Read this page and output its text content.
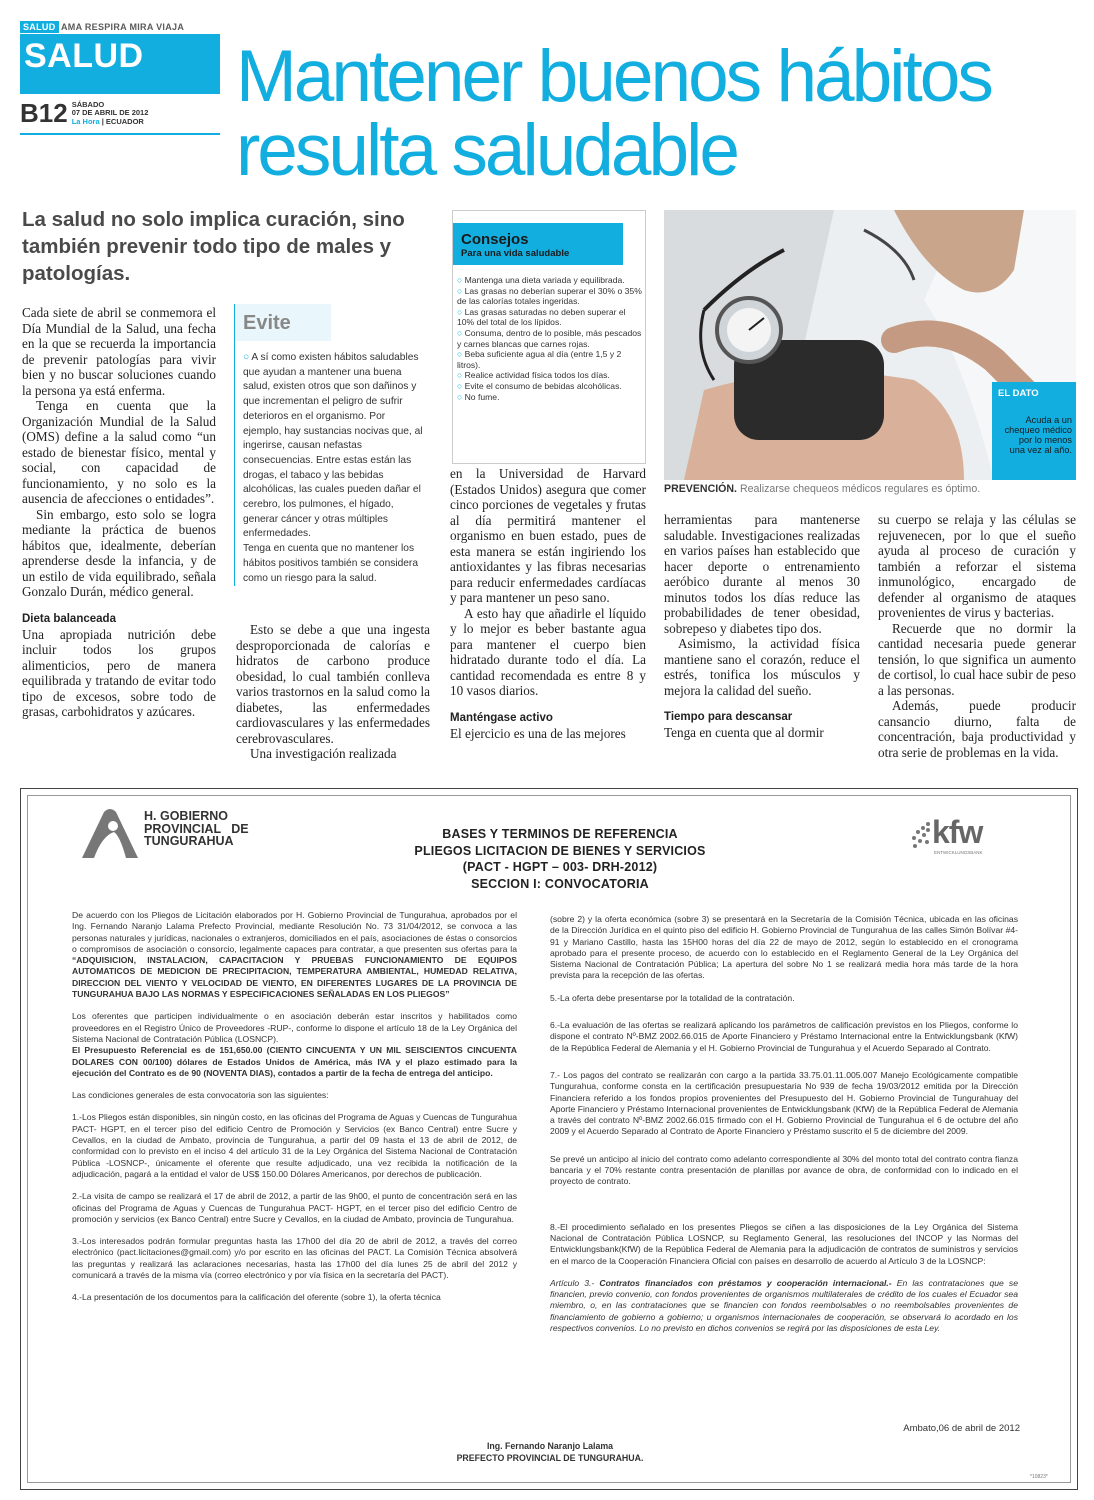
SALUD AMA RESPIRA MIRA VIAJA
SALUD
B12 SÁBADO
07 DE ABRIL DE 2012
La Hora | ECUADOR
Mantener buenos hábitos resulta saludable
La salud no solo implica curación, sino también prevenir todo tipo de males y patologías.

Cada siete de abril se conmemora el Día Mundial de la Salud, una fecha en la que se recuerda la importancia de prevenir patologías para vivir bien y no buscar soluciones cuando la persona ya está enferma.

Tenga en cuenta que la Organización Mundial de la Salud (OMS) define a la salud como “un estado de bienestar físico, mental y social, con capacidad de funcionamiento, y no solo es la ausencia de afecciones o entidades”.

Sin embargo, esto solo se logra mediante la práctica de buenos hábitos que, idealmente, deberían aprenderse desde la infancia, y de un estilo de vida equilibrado, señala Gonzalo Durán, médico general.

Dieta balanceada

Una apropiada nutrición debe incluir todos los grupos alimenticios, pero de manera equilibrada y tratando de evitar todo tipo de excesos, sobre todo de grasas, carbohidratos y azúcares.

Evite

○ A sí como existen hábitos saludables que ayudan a mantener una buena salud, existen otros que son dañinos y que incrementan el peligro de sufrir deterioros en el organismo. Por ejemplo, hay sustancias nocivas que, al ingerirse, causan nefastas consecuencias. Entre estas están las drogas, el tabaco y las bebidas alcohólicas, las cuales pueden dañar el cerebro, los pulmones, el hígado, generar cáncer y otras múltiples enfermedades.

Tenga en cuenta que no mantener los hábitos positivos también se considera como un riesgo para la salud.

Esto se debe a que una ingesta desproporcionada de calorías e hidratos de carbono produce obesidad, lo cual también conlleva varios trastornos en la salud como la diabetes, las enfermedades cardiovasculares y las enfermedades cerebrovasculares.

Una investigación realizada

Consejos
Para una vida saludable
○ Mantenga una dieta variada y equilibrada.
○ Las grasas no deberían superar el 30% o 35% de las calorías totales ingeridas.
○ Las grasas saturadas no deben superar el 10% del total de los lípidos.
○ Consuma, dentro de lo posible, más pescados y carnes blancas que carnes rojas.
○ Beba suficiente agua al día (entre 1,5 y 2 litros).
○ Realice actividad física todos los días.
○ Evite el consumo de bebidas alcohólicas.
○ No fume.

en la Universidad de Harvard (Estados Unidos) asegura que comer cinco porciones de vegetales y frutas al día permitirá mantener el organismo en buen estado, pues de esta manera se están ingiriendo los antioxidantes y las fibras necesarias para reducir enfermedades cardíacas y para mantener un peso sano.

A esto hay que añadirle el líquido y lo mejor es beber bastante agua para mantener el cuerpo bien hidratado durante todo el día. La cantidad recomendada es entre 8 y 10 vasos diarios.

Manténgase activo

El ejercicio es una de las mejores

EL DATO
Acuda a un chequeo médico por lo menos una vez al año.
PREVENCIÓN. Realizarse chequeos médicos regulares es óptimo.

herramientas para mantenerse saludable. Investigaciones realizadas en varios países han establecido que hacer deporte o entrenamiento aeróbico durante al menos 30 minutos todos los días reduce las probabilidades de tener obesidad, sobrepeso y diabetes tipo dos.

Asimismo, la actividad física mantiene sano el corazón, reduce el estrés, tonifica los músculos y mejora la calidad del sueño.

Tiempo para descansar

Tenga en cuenta que al dormir

su cuerpo se relaja y las células se rejuvenecen, por lo que el sueño ayuda al proceso de curación y también a reforzar el sistema inmunológico, encargado de defender al organismo de ataques provenientes de virus y bacterias.

Recuerde que no dormir la cantidad necesaria puede generar tensión, lo que significa un aumento de cortisol, lo cual hace subir de peso a las personas.

Además, puede producir cansancio diurno, falta de concentración, baja productividad y otra serie de problemas en la vida.

H. GOBIERNO
PROVINCIAL   DE
TUNGURAHUA	kfw
ENTWICKLUNGSBANK
BASES Y TERMINOS DE REFERENCIA
PLIEGOS LICITACION DE BIENES Y SERVICIOS
(PACT - HGPT – 003- DRH-2012)
SECCION I: CONVOCATORIA

De acuerdo con los Pliegos de Licitación elaborados por H. Gobierno Provincial de Tungurahua, aprobados por el Ing. Fernando Naranjo Lalama Prefecto Provincial, mediante Resolución No. 73 31/04/2012, se convoca a las personas naturales y jurídicas, nacionales o extranjeros, domiciliados en el país, asociaciones de éstas o consorcios o compromisos de asociación o consorcio, legalmente capaces para contratar, a que presenten sus ofertas para la “ADQUISICION, INSTALACION, CAPACITACION Y PRUEBAS FUNCIONAMIENTO DE EQUIPOS AUTOMATICOS DE MEDICION DE PRECIPITACION, TEMPERATURA AMBIENTAL, HUMEDAD RELATIVA, DIRECCION DEL VIENTO Y VELOCIDAD DE VIENTO, EN DIFERENTES LUGARES DE LA PROVINCIA DE TUNGURAHUA BAJO LAS NORMAS Y ESPECIFICACIONES SEÑALADAS EN LOS PLIEGOS”

Los oferentes que participen individualmente o en asociación deberán estar inscritos y habilitados como proveedores en el Registro Único de Proveedores -RUP-, conforme lo dispone el artículo 18 de la Ley Orgánica del Sistema Nacional de Contratación Pública (LOSNCP).
El Presupuesto Referencial es de 151,650.00 (CIENTO CINCUENTA Y UN MIL SEISCIENTOS CINCUENTA DOLARES CON 00/100) dólares de Estados Unidos de América, más IVA y el plazo estimado para la ejecución del Contrato es de 90 (NOVENTA DIAS), contados a partir de la fecha de entrega del anticipo.

Las condiciones generales de esta convocatoria son las siguientes:

1.-Los Pliegos están disponibles, sin ningún costo, en las oficinas del Programa de Aguas y Cuencas de Tungurahua PACT- HGPT, en el tercer piso del edificio Centro de Promoción y Servicios (ex Banco Central) entre Sucre y Cevallos, en la ciudad de Ambato, provincia de Tungurahua, a partir del 09 hasta el 13 de abril de 2012, de conformidad con lo previsto en el inciso 4 del artículo 31 de la Ley Orgánica del Sistema Nacional de Contratación Pública -LOSNCP-, únicamente el oferente que resulte adjudicado, una vez recibida la notificación de la adjudicación, pagará a la entidad el valor de US$ 150.00 Dólares Americanos, por derechos de publicación.

2.-La visita de campo se realizará el 17 de abril de 2012, a partir de las 9h00, el punto de concentración será en las oficinas del Programa de Aguas y Cuencas de Tungurahua PACT- HGPT, en el tercer piso del edificio Centro de promoción y servicios (ex Banco Central) entre Sucre y Cevallos, en la ciudad de Ambato, provincia de Tungurahua.

3.-Los interesados podrán formular preguntas hasta las 17h00 del día 20 de abril de 2012, a través del correo electrónico (pact.licitaciones@gmail.com) y/o por escrito en las oficinas del PACT. La Comisión Técnica absolverá las preguntas y realizará las aclaraciones necesarias, hasta las 17h00 del día lunes 25 de abril del 2012 y comunicará a través de la misma vía (correo electrónico y por vía física en la secretaría del PACT).

4.-La presentación de los documentos para la calificación del oferente (sobre 1), la oferta técnica

(sobre 2) y la oferta económica (sobre 3) se presentará en la Secretaría de la Comisión Técnica, ubicada en las oficinas de la Dirección Jurídica en el quinto piso del edificio H. Gobierno Provincial de Tungurahua de las calles Simón Bolívar #4-91 y Mariano Castillo, hasta las 15H00 horas del día 22 de mayo de 2012, según lo establecido en el cronograma aprobado para el presente proceso, de acuerdo con lo establecido en el Reglamento General de la Ley Orgánica del Sistema Nacional de Contratación Pública; La apertura del sobre No 1 se realizará media hora más tarde de la hora prevista para la recepción de las ofertas.

5.-La oferta debe presentarse por la totalidad de la contratación.

6.-La evaluación de las ofertas se realizará aplicando los parámetros de calificación previstos en los Pliegos, conforme lo dispone el contrato Nº-BMZ 2002.66.015 de Aporte Financiero y Préstamo Internacional entre la Entwicklungsbank (KfW) de la República Federal de Alemania y el H. Gobierno Provincial de Tungurahua y el Acuerdo Separado al Contrato.

7.- Los pagos del contrato se realizarán con cargo a la partida 33.75.01.11.005.007 Manejo Ecológicamente compatible Tungurahua, conforme consta en la certificación presupuestaria No 939 de fecha 19/03/2012 emitida por la Dirección Financiera referido a los fondos propios provenientes del Presupuesto del H. Gobierno Provincial de Tungurahuay del Aporte Financiero y Préstamo Internacional provenientes de Entwicklungsbank (KfW) de la República Federal de Alemania a través del contrato Nº-BMZ 2002.66.015 firmado con el H. Gobierno Provincial de Tungurahua el 6 de octubre del año 2009 y el Acuerdo Separado al Contrato de Aporte Financiero y Préstamo suscrito el 5 de diciembre del 2009.

Se prevé un anticipo al inicio del contrato como adelanto correspondiente al 30% del monto total del contrato contra fianza bancaria y el 70% restante contra presentación de planillas por avance de obra, de conformidad con lo indicado en el proyecto de contrato.

8.-El procedimiento señalado en los presentes Pliegos se ciñen a las disposiciones de la Ley Orgánica del Sistema Nacional de Contratación Pública LOSNCP, su Reglamento General, las resoluciones del INCOP y las Normas del Entwicklungsbank(KfW) de la República Federal de Alemania para la adjudicación de contratos de suministros y servicios en el marco de la Cooperación Financiera Oficial con países en desarrollo de acuerdo al Artículo 3 de la LOSNCP:

Artículo 3.- Contratos financiados con préstamos y cooperación internacional.- En las contrataciones que se financien, previo convenio, con fondos provenientes de organismos multilaterales de crédito de los cuales el Ecuador sea miembro, o, en las contrataciones que se financien con fondos reembolsables o no reembolsables provenientes de financiamiento de gobierno a gobierno; u organismos internacionales de cooperación, se observará lo acordado en los respectivos convenios. Lo no previsto en dichos convenios se regirá por las disposiciones de esta Ley.

Ambato,06 de abril de 2012
Ing. Fernando Naranjo Lalama
PREFECTO PROVINCIAL DE TUNGURAHUA.
*10823*
